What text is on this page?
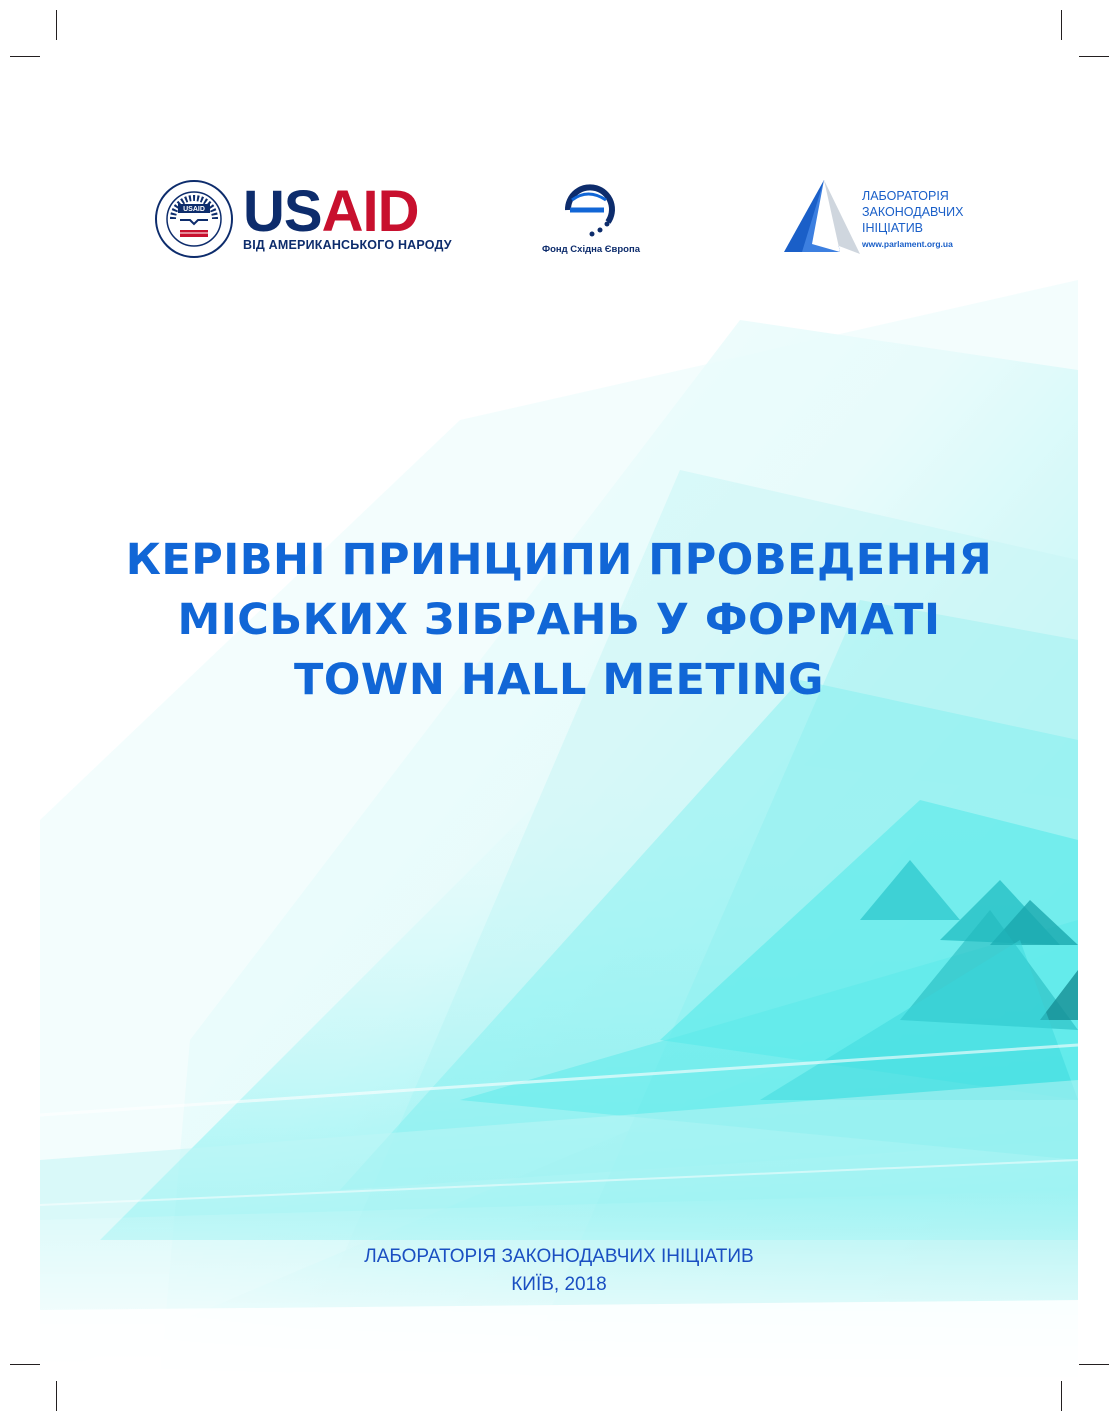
USAID USAID
ВІД АМЕРИКАНСЬКОГО НАРОДУ	Фонд Східна Європа
ЛАБОРАТОРІЯ
ЗАКОНОДАВЧИХ
ІНІЦІАТИВ
www.parlament.org.ua
КЕРІВНІ ПРИНЦИПИ ПРОВЕДЕННЯ
МІСЬКИХ ЗІБРАНЬ У ФОРМАТІ
TOWN HALL MEETING
ЛАБОРАТОРІЯ ЗАКОНОДАВЧИХ ІНІЦІАТИВ
КИЇВ, 2018
